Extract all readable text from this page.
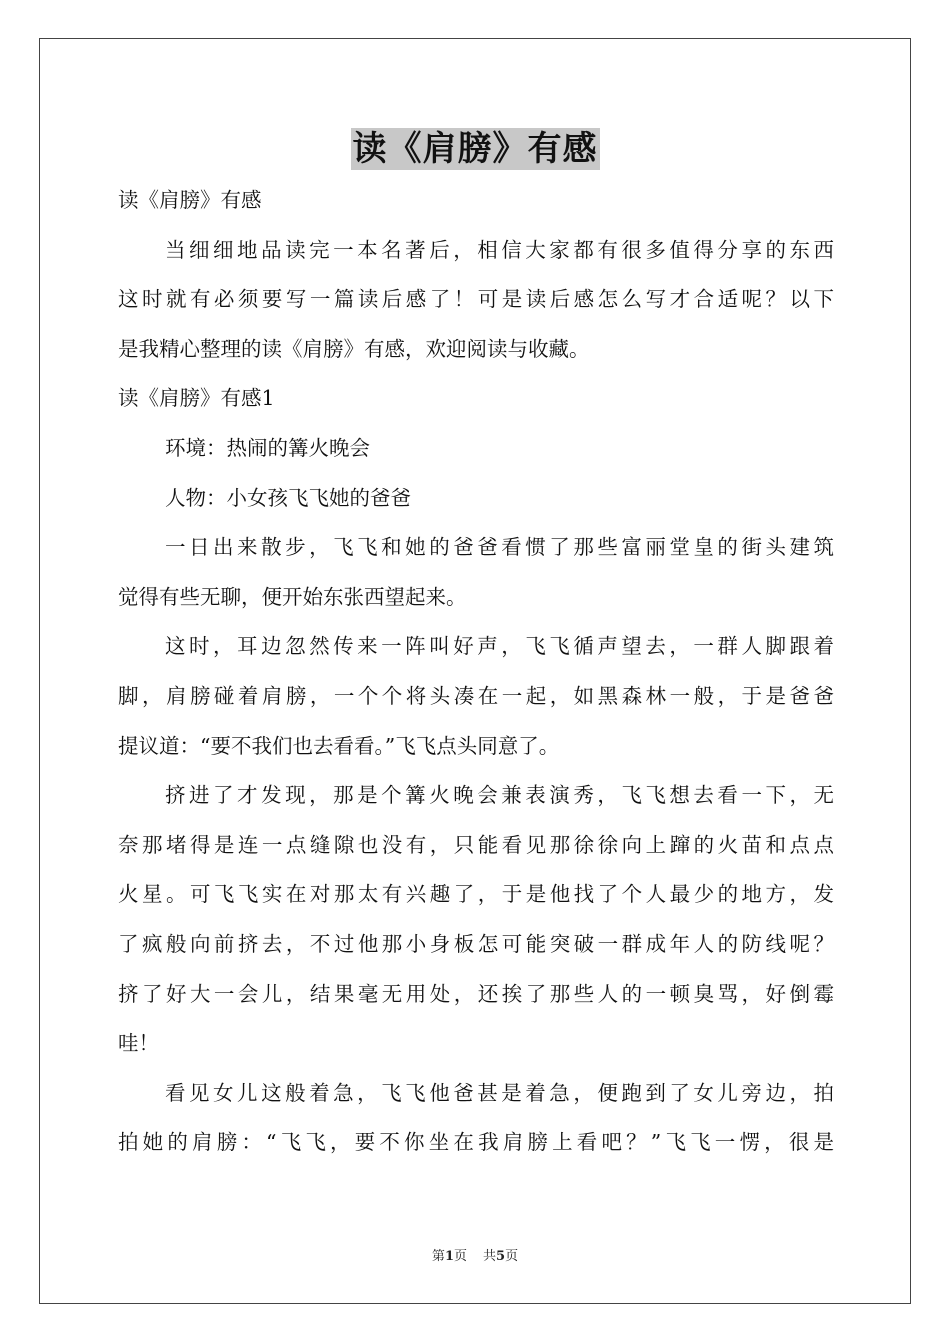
读《肩膀》有感
读《肩膀》有感
当细细地品读完一本名著后，相信大家都有很多值得分享的东西
这时就有必须要写一篇读后感了！可是读后感怎么写才合适呢？以下
是我精心整理的读《肩膀》有感，欢迎阅读与收藏。
读《肩膀》有感1
环境：热闹的篝火晚会
人物：小女孩飞飞她的爸爸
一日出来散步，飞飞和她的爸爸看惯了那些富丽堂皇的街头建筑
觉得有些无聊，便开始东张西望起来。
这时，耳边忽然传来一阵叫好声，飞飞循声望去，一群人脚跟着
脚，肩膀碰着肩膀，一个个将头凑在一起，如黑森林一般，于是爸爸
提议道：“要不我们也去看看。”飞飞点头同意了。
挤进了才发现，那是个篝火晚会兼表演秀，飞飞想去看一下，无
奈那堵得是连一点缝隙也没有，只能看见那徐徐向上蹿的火苗和点点
火星。可飞飞实在对那太有兴趣了，于是他找了个人最少的地方，发
了疯般向前挤去，不过他那小身板怎可能突破一群成年人的防线呢？
挤了好大一会儿，结果毫无用处，还挨了那些人的一顿臭骂，好倒霉
哇！
看见女儿这般着急，飞飞他爸甚是着急，便跑到了女儿旁边，拍
拍她的肩膀：“飞飞，要不你坐在我肩膀上看吧？”飞飞一愣，很是
第1页 共5页
